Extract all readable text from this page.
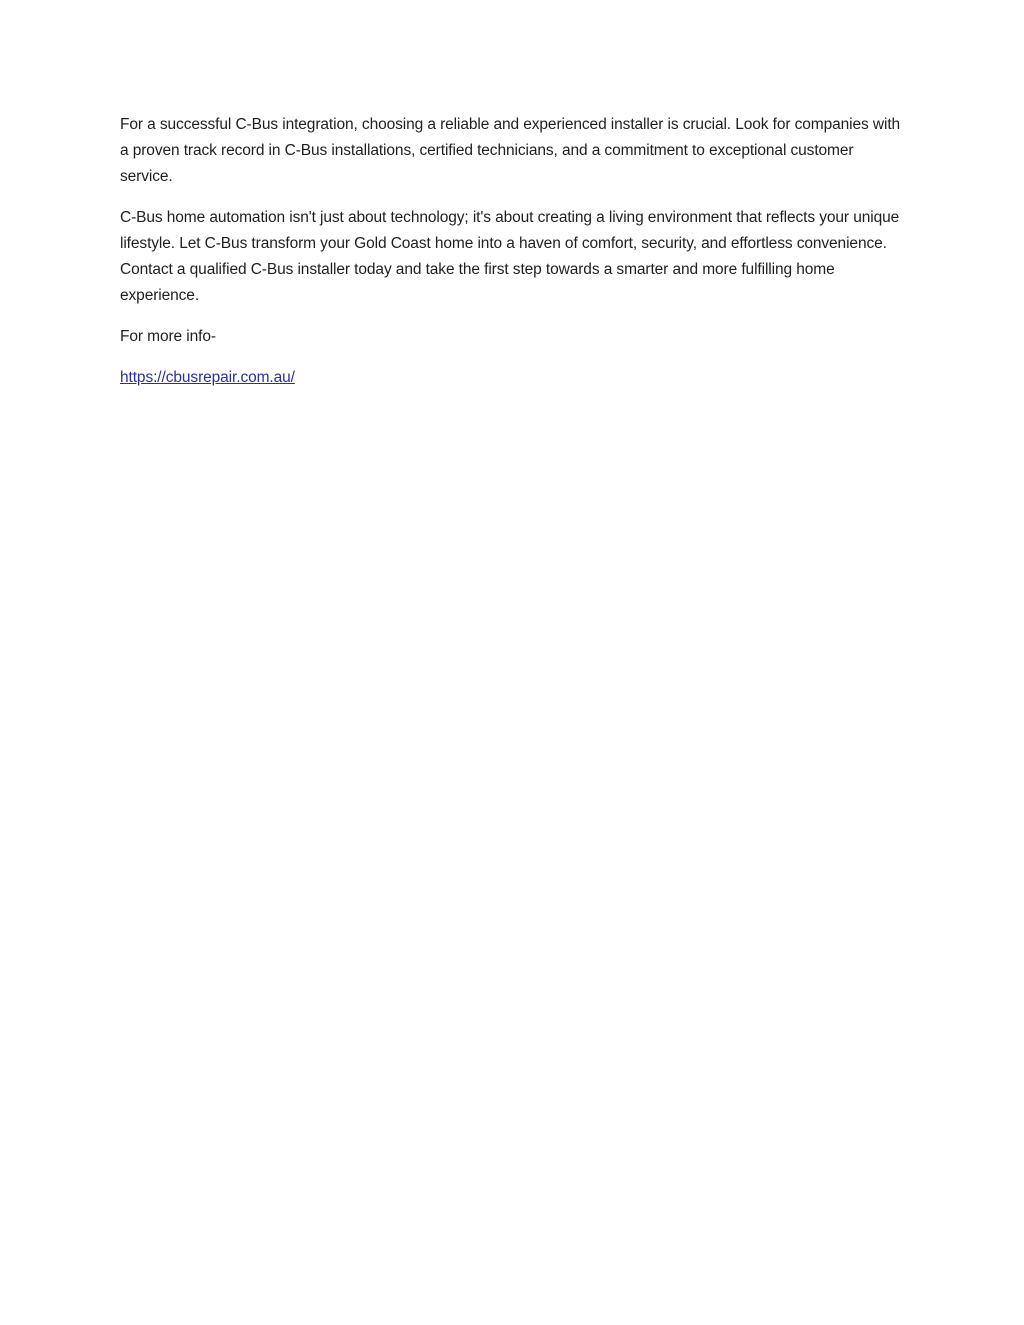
For a successful C-Bus integration, choosing a reliable and experienced installer is crucial. Look for companies with a proven track record in C-Bus installations, certified technicians, and a commitment to exceptional customer service.

C-Bus home automation isn't just about technology; it's about creating a living environment that reflects your unique lifestyle. Let C-Bus transform your Gold Coast home into a haven of comfort, security, and effortless convenience. Contact a qualified C-Bus installer today and take the first step towards a smarter and more fulfilling home experience.

For more info-

https://cbusrepair.com.au/
